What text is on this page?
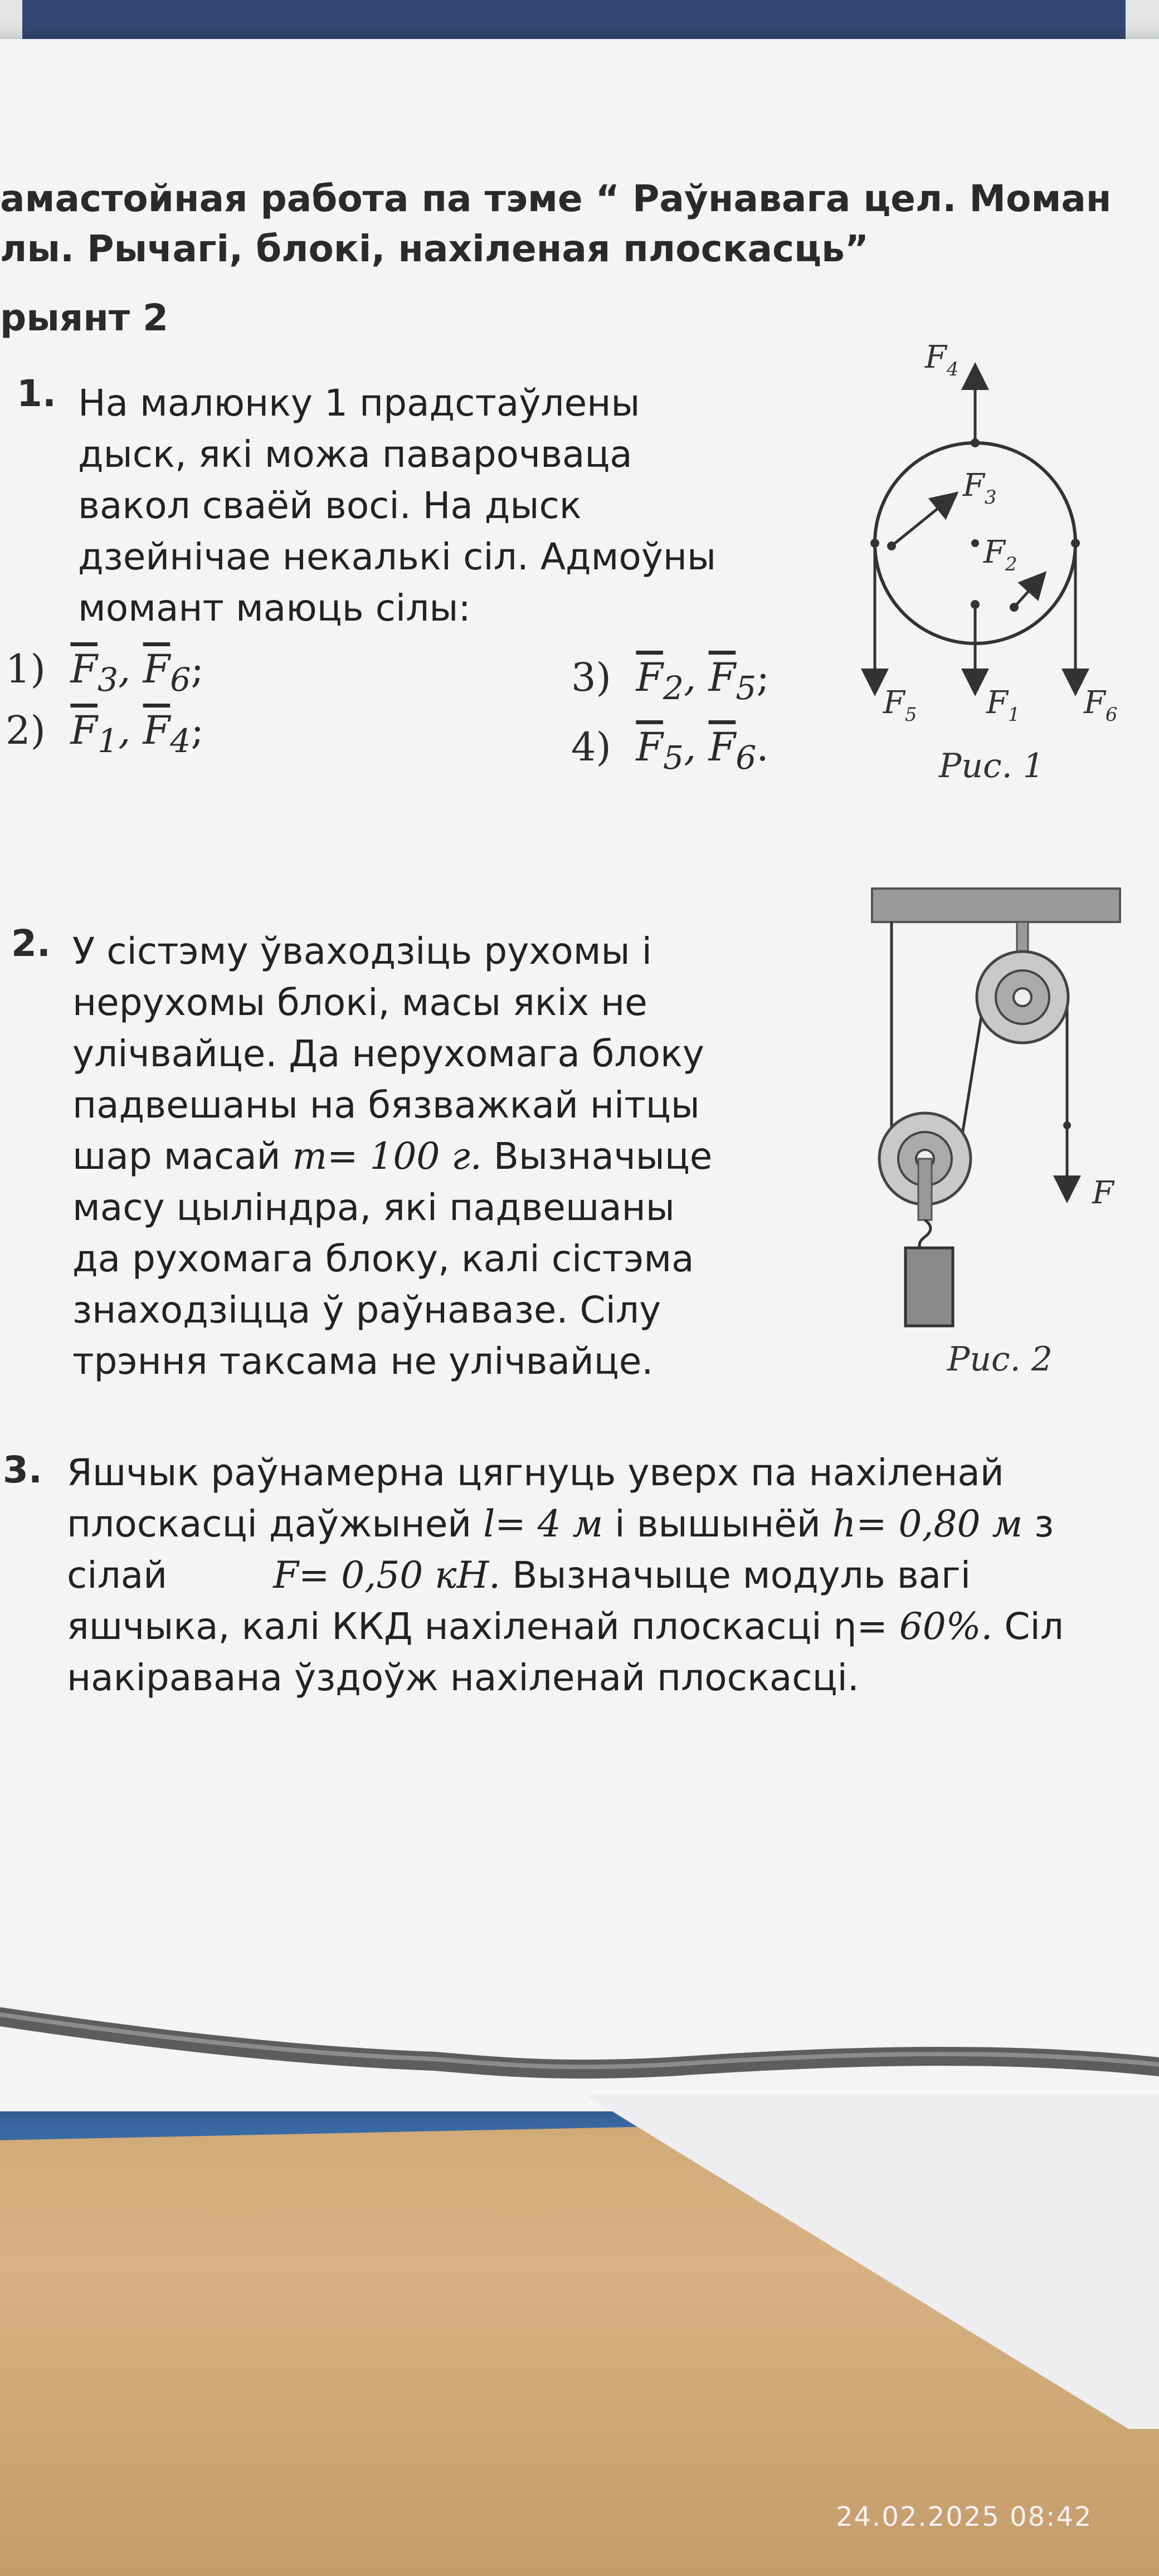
амастойная работа па тэме “ Раўнавага цел. Моман
лы. Рычагі, блокі, нахіленая плоскасць”
рыянт 2
1. На малюнку 1 прадстаўлены
дыск, які можа паварочваца
вакол сваёй восі. На дыск
дзейнічае некалькі сіл. Адмоўны
момант маюць сілы:
1) $\overline{F}_3$, $\overline{F}_6$;
2) $\overline{F}_1$, $\overline{F}_4$;
3) $\overline{F}_2$, $\overline{F}_5$;
4) $\overline{F}_5$, $\overline{F}_6$.
$F_4$
$F_3$
$F_2$
$F_1$
$F_5$	$F_6$
Рис. 1
2. У сістэму ўваходзіць рухомы і
нерухомы блокі, масы якіх не
улічвайце. Да нерухомага блоку
падвешаны на бязважкай нітцы
шар масай m= 100 г. Вызначыце
масу цыліндра, які падвешаны
да рухомага блоку, калі сістэма
знаходзіцца ў раўнавазе. Сілу
трэння таксама не улічвайце.
F
Рис. 2
3. Яшчык раўнамерна цягнуць уверх па нахіленай
плоскасці даўжыней l= 4 м і вышынёй h= 0,80 м з
сілай	F= 0,50 кН. Вызначыце модуль вагі
яшчыка, калі ККД нахіленай плоскасці η= 60%. Сіл
накіравана ўздоўж нахіленай плоскасці.
24.02.2025 08:42
